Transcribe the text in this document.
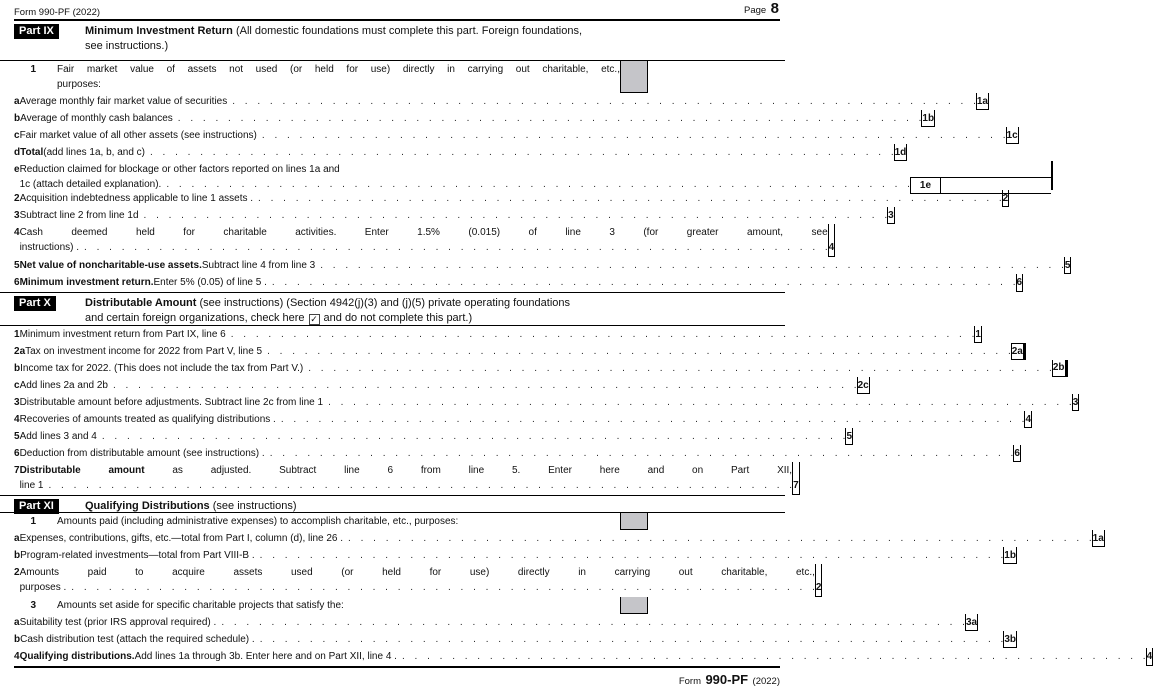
Form 990-PF (2022)	Page 8
Part IX	Minimum Investment Return (All domestic foundations must complete this part. Foreign foundations,
see instructions.)
1 Fair market value of assets not used (or held for use) directly in carrying out charitable, etc.,
purposes:
a Average monthly fair market value of securities . . .	1a
b Average of monthly cash balances . . .	1b
c Fair market value of all other assets (see instructions) . . .	1c
d Total (add lines 1a, b, and c) . . .	1d
e Reduction claimed for blockage or other factors reported on lines 1a and
1c (attach detailed explanation). . . .	1e
2 Acquisition indebtedness applicable to line 1 assets . . . .	2
3 Subtract line 2 from line 1d . . .	3
4 Cash deemed held for charitable activities. Enter 1.5% (0.015) of line 3 (for greater amount, see
instructions) . . . .	4
5 Net value of noncharitable-use assets. Subtract line 4 from line 3 . . .	5
6 Minimum investment return. Enter 5% (0.05) of line 5 . . . .	6
Part X	Distributable Amount (see instructions) (Section 4942(j)(3) and (j)(5) private operating foundations
and certain foreign organizations, check here ✓ and do not complete this part.)
1 Minimum investment return from Part IX, line 6 . . .	1
2 a Tax on investment income for 2022 from Part V, line 5 . . .	2a
b Income tax for 2022. (This does not include the tax from Part V.) . . .	2b
c Add lines 2a and 2b . . .	2c
3 Distributable amount before adjustments. Subtract line 2c from line 1 . . .	3
4 Recoveries of amounts treated as qualifying distributions . . . .	4
5 Add lines 3 and 4 . . .	5
6 Deduction from distributable amount (see instructions) . . . .	6
7 Distributable amount as adjusted. Subtract line 6 from line 5. Enter here and on Part XII,
line 1 . . .	7
Part XI	Qualifying Distributions (see instructions)
1 Amounts paid (including administrative expenses) to accomplish charitable, etc., purposes:
a Expenses, contributions, gifts, etc.—total from Part I, column (d), line 26 . . . .	1a
b Program-related investments—total from Part VIII-B . . . .	1b
2 Amounts paid to acquire assets used (or held for use) directly in carrying out charitable, etc.,
purposes . . . .	2
3 Amounts set aside for specific charitable projects that satisfy the:
a Suitability test (prior IRS approval required) . . . .	3a
b Cash distribution test (attach the required schedule) . . . .	3b
4 Qualifying distributions. Add lines 1a through 3b. Enter here and on Part XII, line 4 . . . .	4
Form 990-PF (2022)
